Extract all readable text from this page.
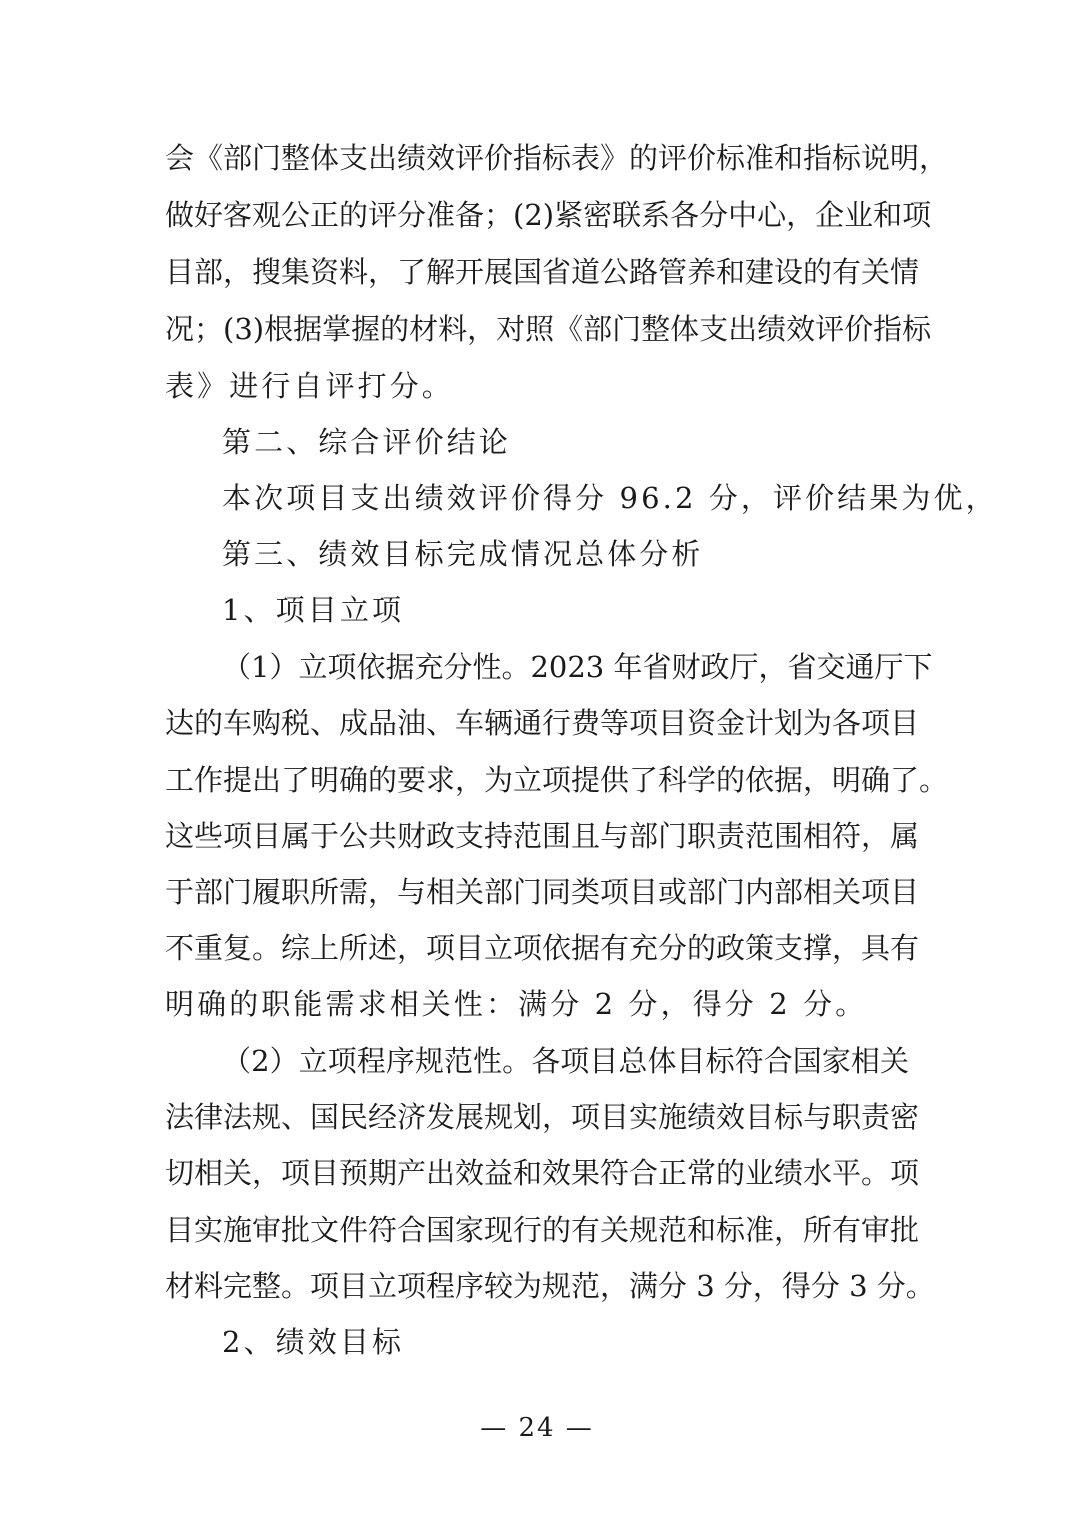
会《部门整体支出绩效评价指标表》的评价标准和指标说明，
做好客观公正的评分准备；(2)紧密联系各分中心，企业和项
目部，搜集资料，了解开展国省道公路管养和建设的有关情
况；(3)根据掌握的材料，对照《部门整体支出绩效评价指标
表》进行自评打分。
第二、综合评价结论
本次项目支出绩效评价得分 96.2 分，评价结果为优，
第三、绩效目标完成情况总体分析
1、项目立项
（1）立项依据充分性。2023 年省财政厅，省交通厅下
达的车购税、成品油、车辆通行费等项目资金计划为各项目
工作提出了明确的要求，为立项提供了科学的依据，明确了。
这些项目属于公共财政支持范围且与部门职责范围相符，属
于部门履职所需，与相关部门同类项目或部门内部相关项目
不重复。综上所述，项目立项依据有充分的政策支撑，具有
明确的职能需求相关性：满分 2 分，得分 2 分。
（2）立项程序规范性。各项目总体目标符合国家相关
法律法规、国民经济发展规划，项目实施绩效目标与职责密
切相关，项目预期产出效益和效果符合正常的业绩水平。项
目实施审批文件符合国家现行的有关规范和标准，所有审批
材料完整。项目立项程序较为规范，满分 3 分，得分 3 分。
2、绩效目标
— 24 —
